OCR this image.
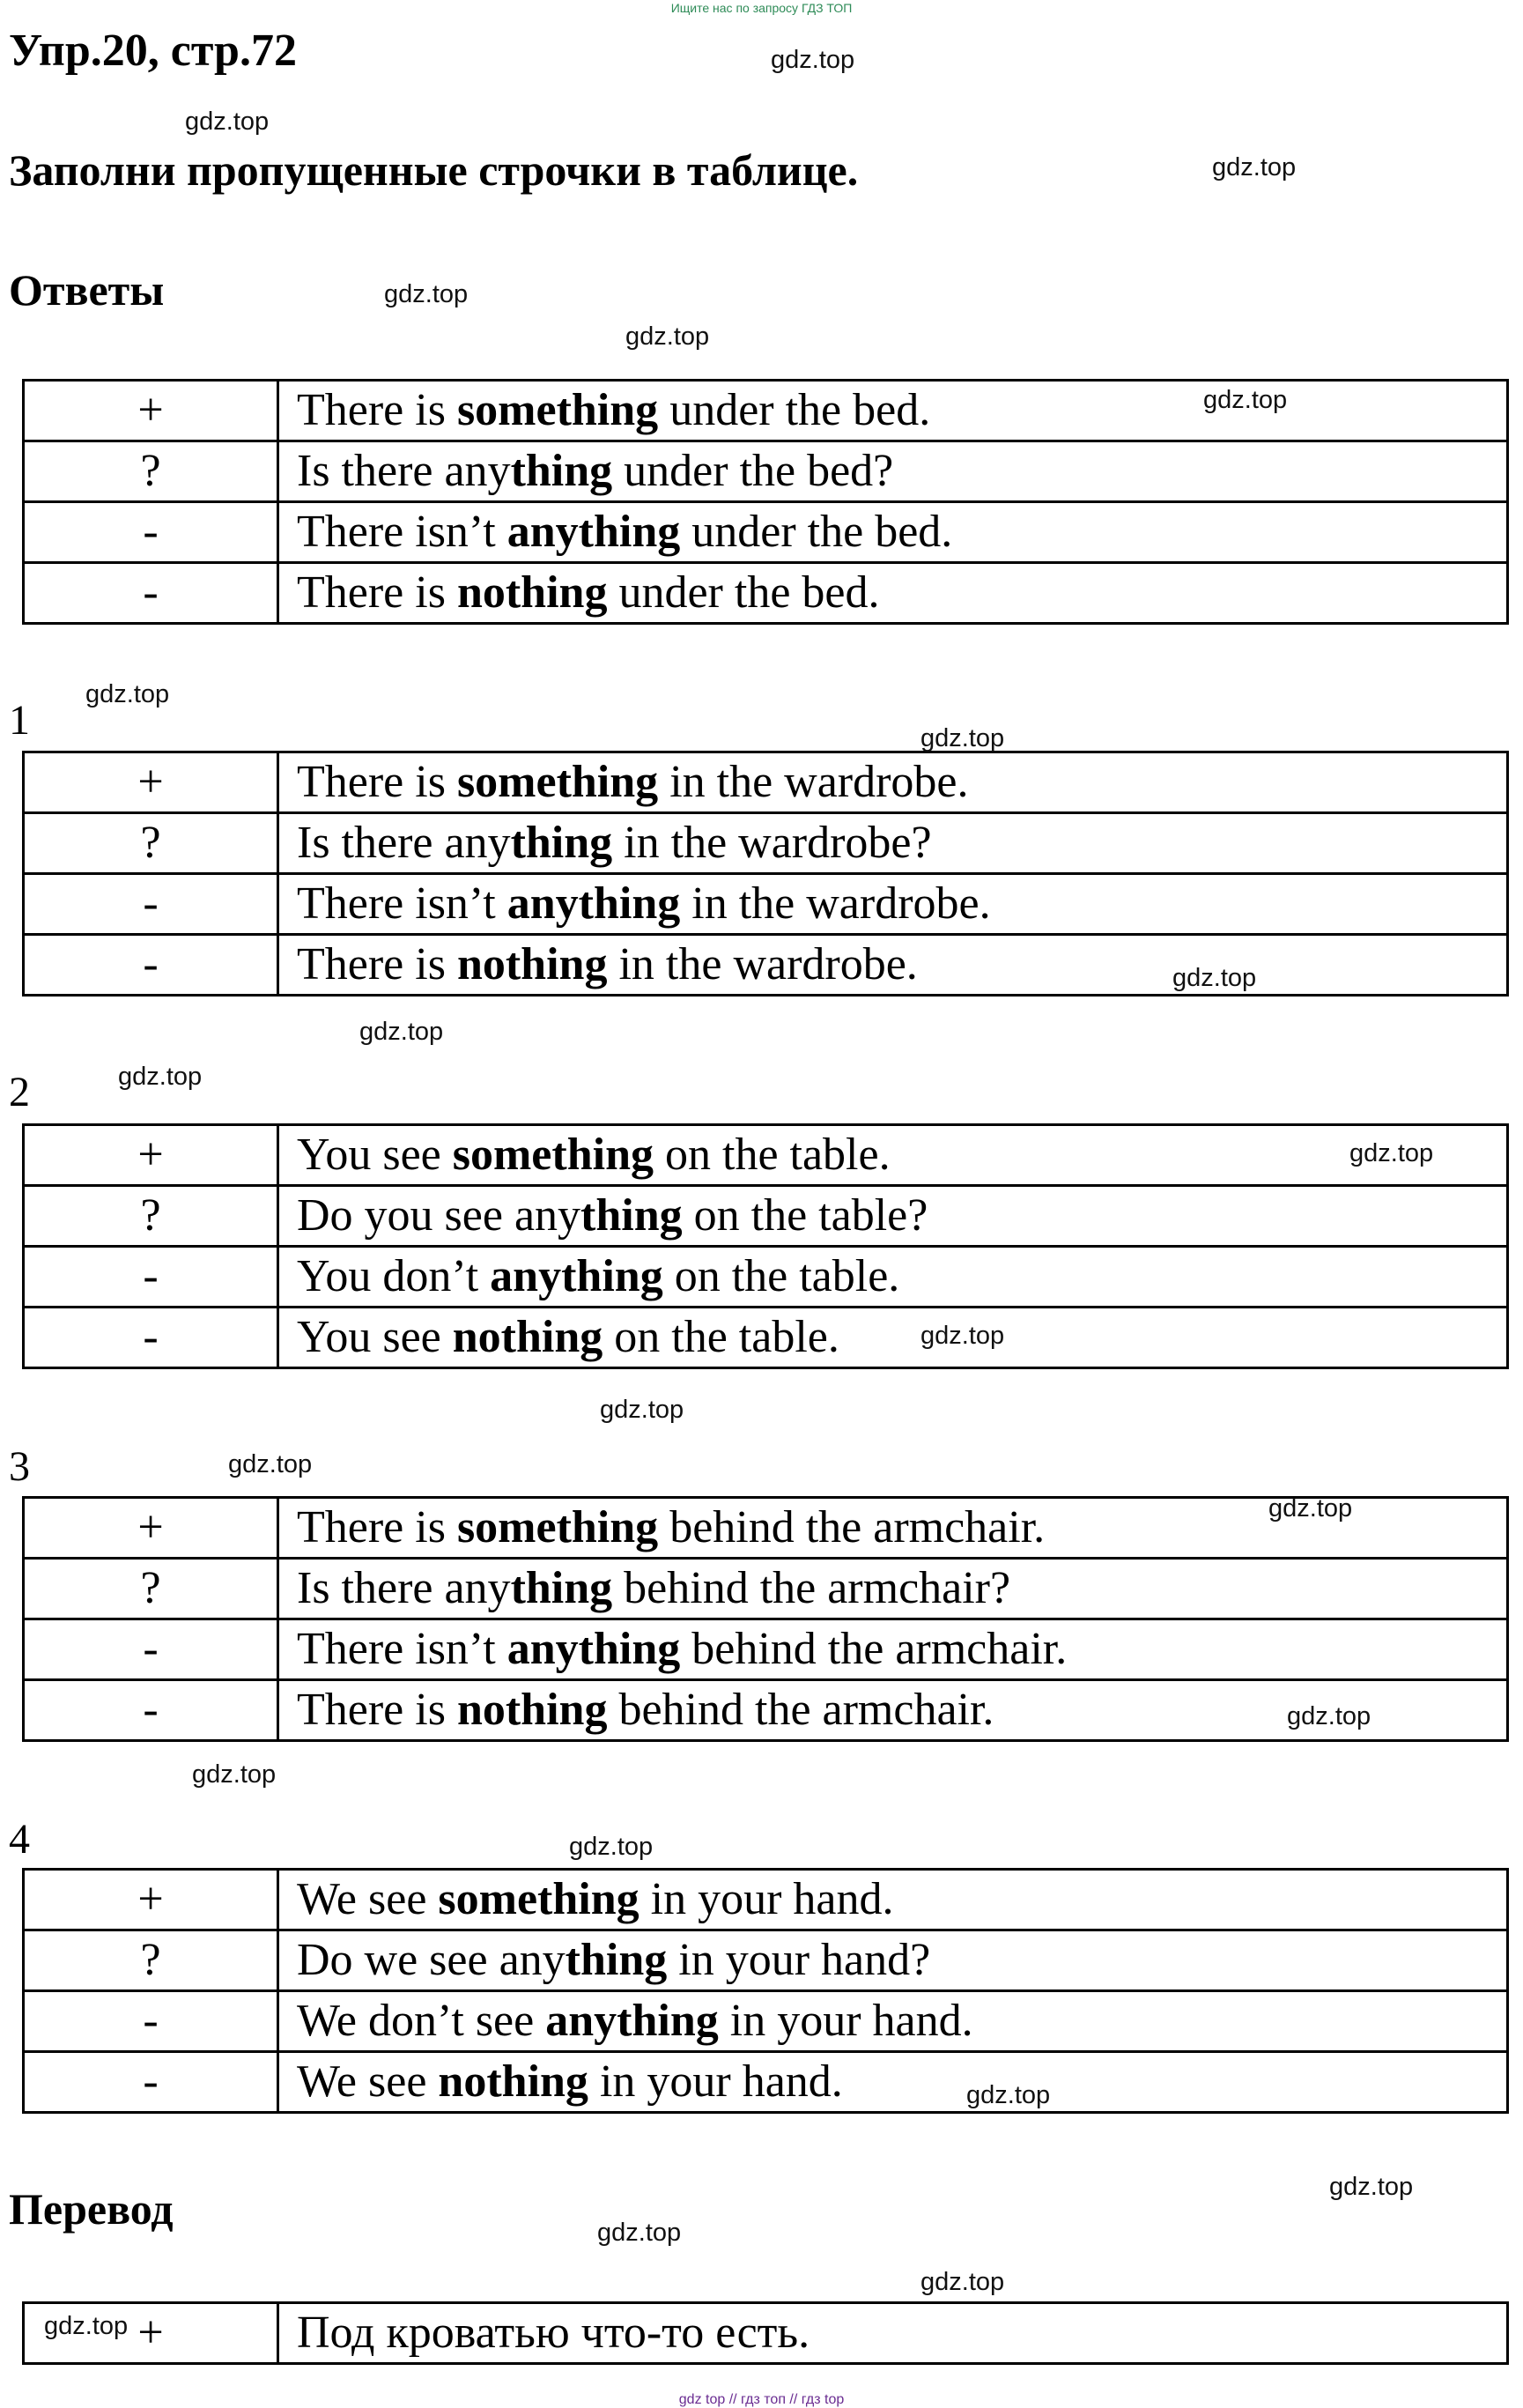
Ищите нас по запросу ГДЗ ТОП
Упр.20, стр.72
Заполни пропущенные строчки в таблице.
Ответы
+	There is something under the bed.
?	Is there anything under the bed?
-	There isn’t anything under the bed.
-	There is nothing under the bed.
1
+	There is something in the wardrobe.
?	Is there anything in the wardrobe?
-	There isn’t anything in the wardrobe.
-	There is nothing in the wardrobe.
2
+	You see something on the table.
?	Do you see anything on the table?
-	You don’t anything on the table.
-	You see nothing on the table.
3
+	There is something behind the armchair.
?	Is there anything behind the armchair?
-	There isn’t anything behind the armchair.
-	There is nothing behind the armchair.
4
+	We see something in your hand.
?	Do we see anything in your hand?
-	We don’t see anything in your hand.
-	We see nothing in your hand.
Перевод
+	Под кроватью что-то есть.
gdz.top
gdz.top
gdz.top
gdz.top
gdz.top
gdz.top
gdz.top
gdz.top
gdz.top
gdz.top
gdz.top
gdz.top
gdz.top
gdz.top
gdz.top
gdz.top
gdz.top
gdz.top
gdz.top
gdz.top
gdz.top
gdz.top
gdz.top
gdz.top
gdz top // гдз топ // гдз top
